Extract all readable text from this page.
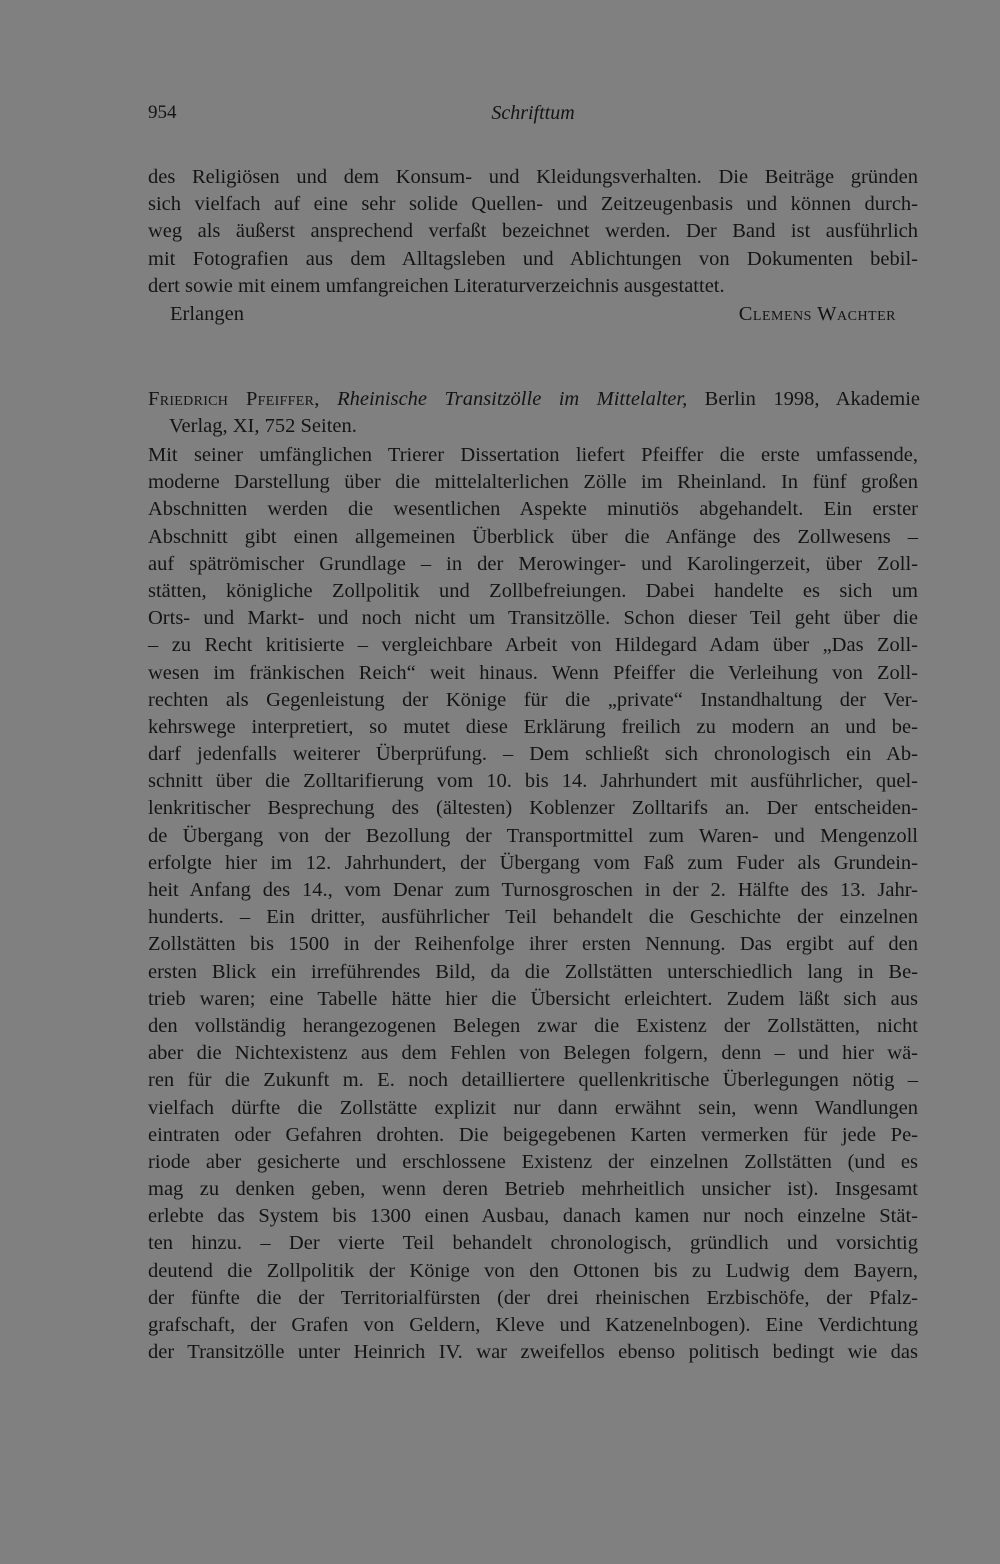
954	Schrifttum
des Religiösen und dem Konsum- und Kleidungsverhalten. Die Beiträge gründen
sich vielfach auf eine sehr solide Quellen- und Zeitzeugenbasis und können durch-
weg als äußerst ansprechend verfaßt bezeichnet werden. Der Band ist ausführlich
mit Fotografien aus dem Alltagsleben und Ablichtungen von Dokumenten bebil-
dert sowie mit einem umfangreichen Literaturverzeichnis ausgestattet.
Erlangen	Clemens Wachter
Friedrich Pfeiffer, Rheinische Transitzölle im Mittelalter, Berlin 1998, Akademie
Verlag, XI, 752 Seiten.
Mit seiner umfänglichen Trierer Dissertation liefert Pfeiffer die erste umfassende,
moderne Darstellung über die mittelalterlichen Zölle im Rheinland. In fünf großen
Abschnitten werden die wesentlichen Aspekte minutiös abgehandelt. Ein erster
Abschnitt gibt einen allgemeinen Überblick über die Anfänge des Zollwesens –
auf spätrömischer Grundlage – in der Merowinger- und Karolingerzeit, über Zoll-
stätten, königliche Zollpolitik und Zollbefreiungen. Dabei handelte es sich um
Orts- und Markt- und noch nicht um Transitzölle. Schon dieser Teil geht über die
– zu Recht kritisierte – vergleichbare Arbeit von Hildegard Adam über „Das Zoll-
wesen im fränkischen Reich“ weit hinaus. Wenn Pfeiffer die Verleihung von Zoll-
rechten als Gegenleistung der Könige für die „private“ Instandhaltung der Ver-
kehrswege interpretiert, so mutet diese Erklärung freilich zu modern an und be-
darf jedenfalls weiterer Überprüfung. – Dem schließt sich chronologisch ein Ab-
schnitt über die Zolltarifierung vom 10. bis 14. Jahrhundert mit ausführlicher, quel-
lenkritischer Besprechung des (ältesten) Koblenzer Zolltarifs an. Der entscheiden-
de Übergang von der Bezollung der Transportmittel zum Waren- und Mengenzoll
erfolgte hier im 12. Jahrhundert, der Übergang vom Faß zum Fuder als Grundein-
heit Anfang des 14., vom Denar zum Turnosgroschen in der 2. Hälfte des 13. Jahr-
hunderts. – Ein dritter, ausführlicher Teil behandelt die Geschichte der einzelnen
Zollstätten bis 1500 in der Reihenfolge ihrer ersten Nennung. Das ergibt auf den
ersten Blick ein irreführendes Bild, da die Zollstätten unterschiedlich lang in Be-
trieb waren; eine Tabelle hätte hier die Übersicht erleichtert. Zudem läßt sich aus
den vollständig herangezogenen Belegen zwar die Existenz der Zollstätten, nicht
aber die Nichtexistenz aus dem Fehlen von Belegen folgern, denn – und hier wä-
ren für die Zukunft m. E. noch detailliertere quellenkritische Überlegungen nötig –
vielfach dürfte die Zollstätte explizit nur dann erwähnt sein, wenn Wandlungen
eintraten oder Gefahren drohten. Die beigegebenen Karten vermerken für jede Pe-
riode aber gesicherte und erschlossene Existenz der einzelnen Zollstätten (und es
mag zu denken geben, wenn deren Betrieb mehrheitlich unsicher ist). Insgesamt
erlebte das System bis 1300 einen Ausbau, danach kamen nur noch einzelne Stät-
ten hinzu. – Der vierte Teil behandelt chronologisch, gründlich und vorsichtig
deutend die Zollpolitik der Könige von den Ottonen bis zu Ludwig dem Bayern,
der fünfte die der Territorialfürsten (der drei rheinischen Erzbischöfe, der Pfalz-
grafschaft, der Grafen von Geldern, Kleve und Katzenelnbogen). Eine Verdichtung
der Transitzölle unter Heinrich IV. war zweifellos ebenso politisch bedingt wie das
